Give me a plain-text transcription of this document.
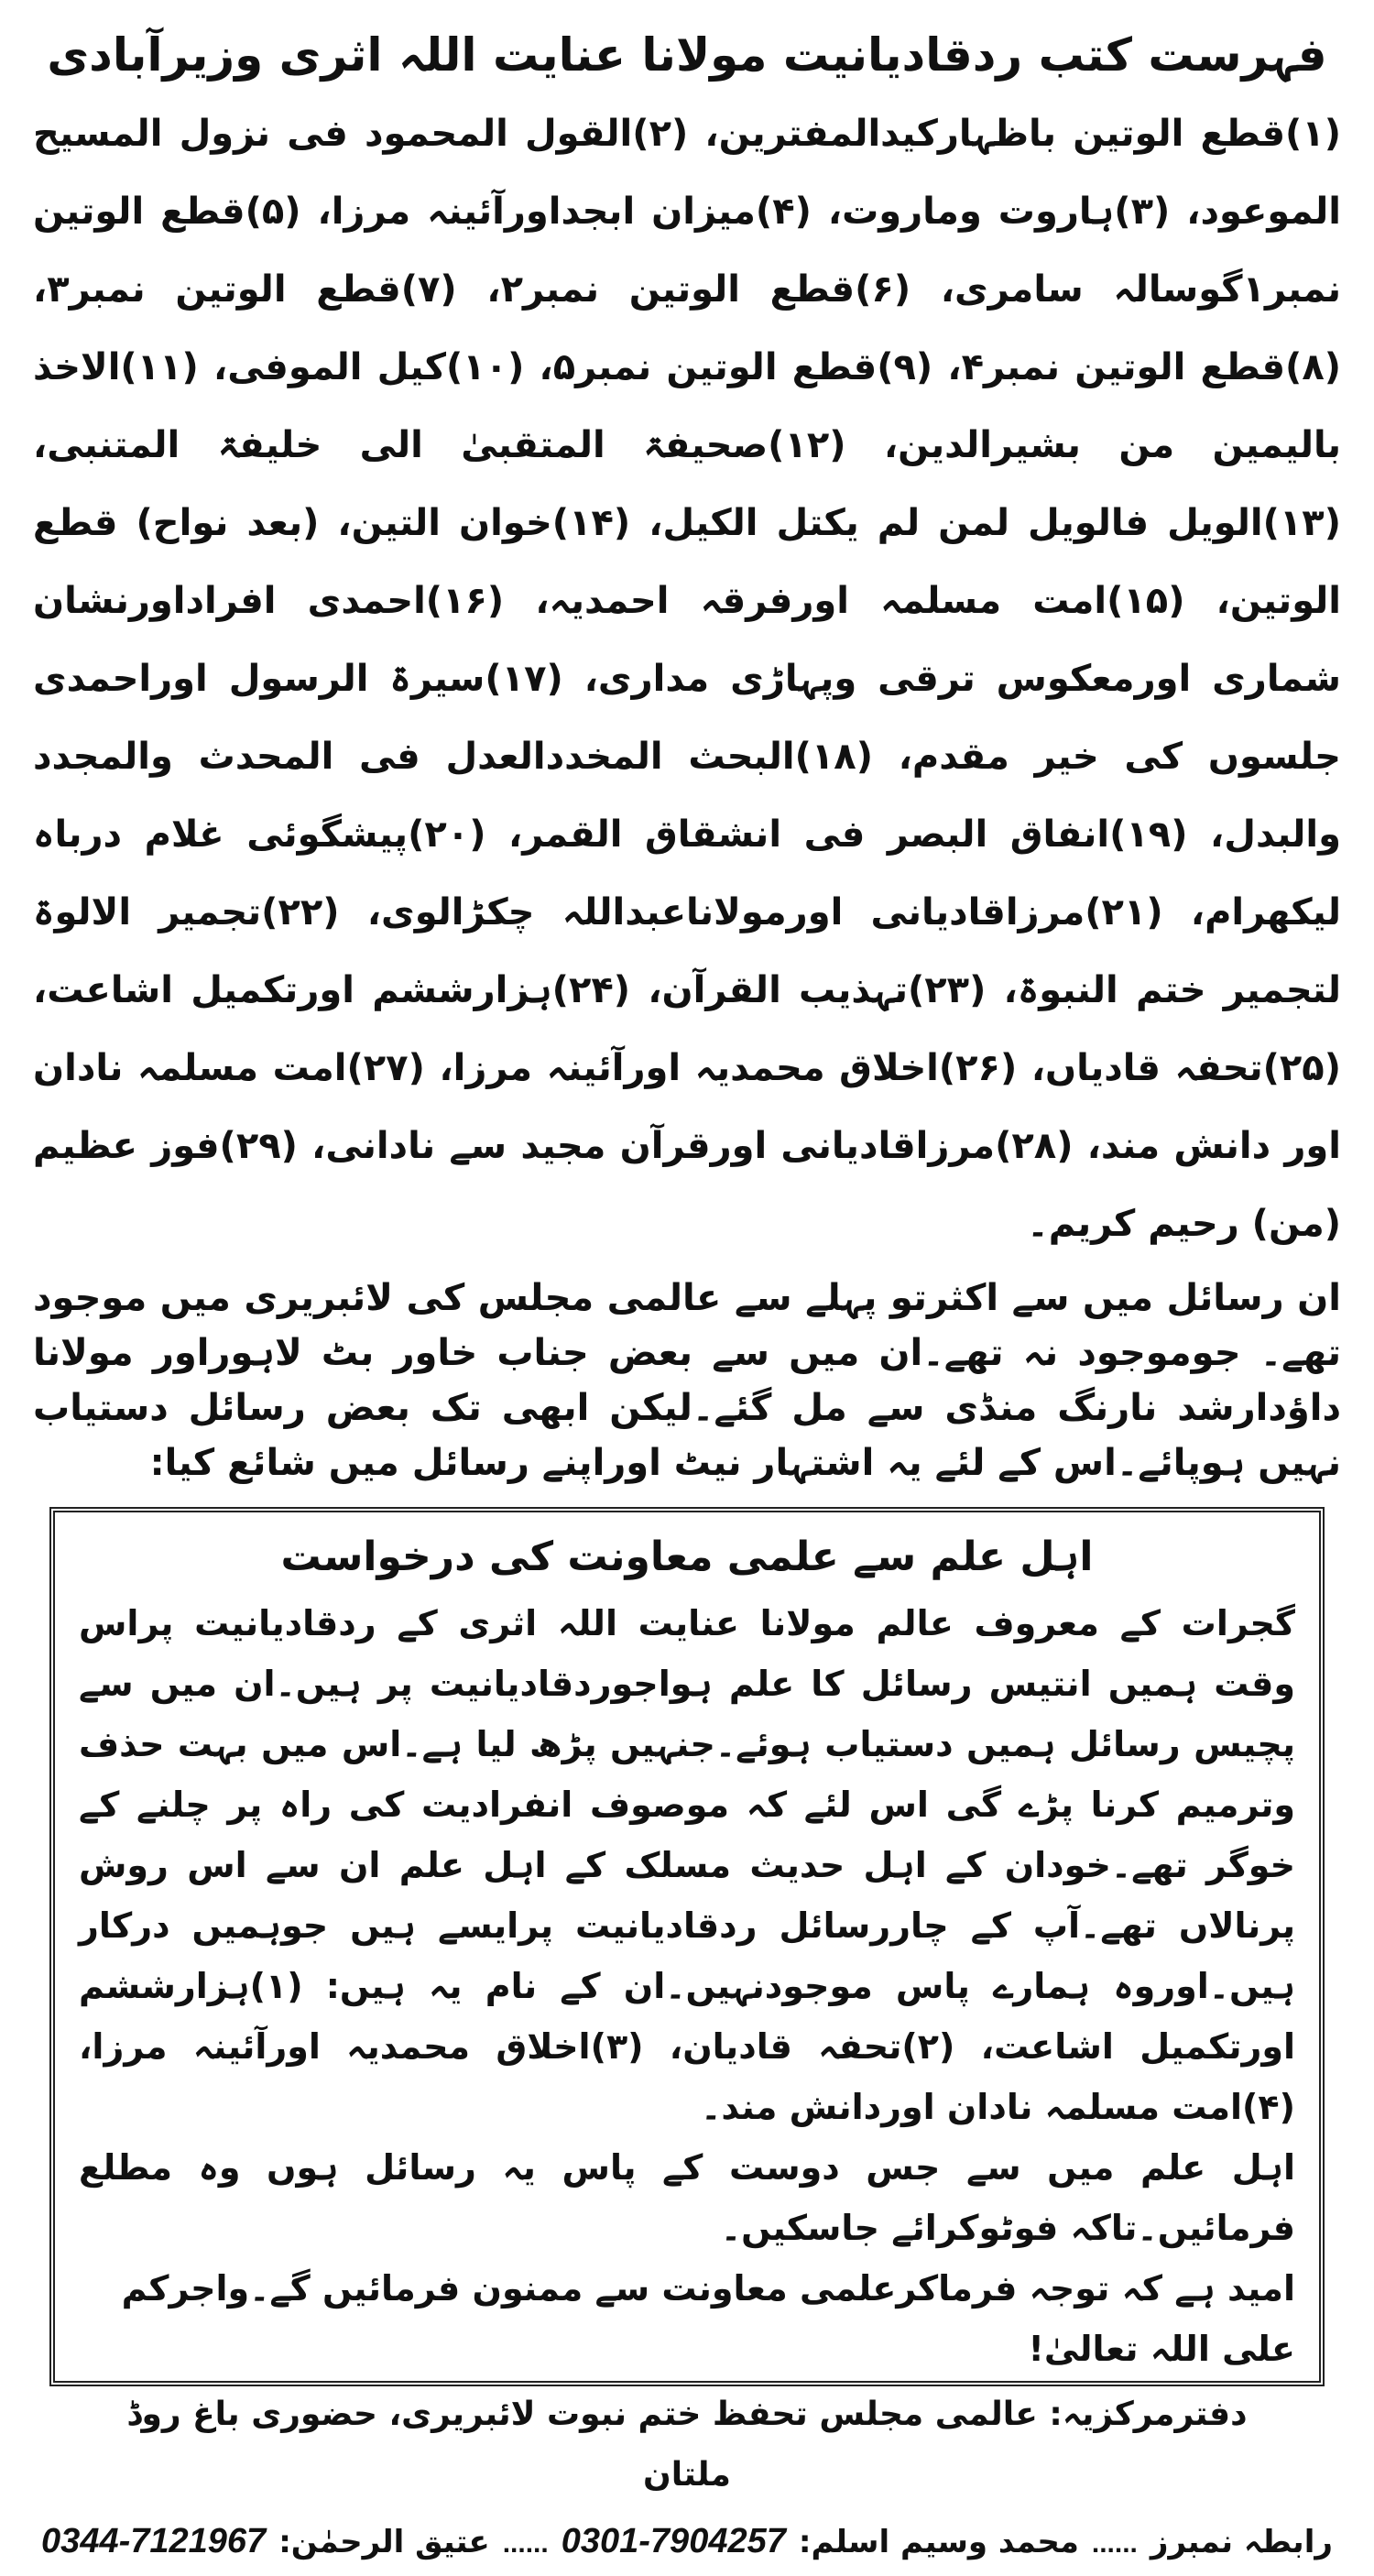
فہرست کتب ردقادیانیت مولانا عنایت اللہ اثری وزیرآبادی

(۱)قطع الوتین باظہارکیدالمفترین، (۲)القول المحمود فی نزول المسیح الموعود، (۳)ہاروت وماروت، (۴)میزان ابجداورآئینہ مرزا، (۵)قطع الوتین نمبر۱گوسالہ سامری، (۶)قطع الوتین نمبر۲، (۷)قطع الوتین نمبر۳، (۸)قطع الوتین نمبر۴، (۹)قطع الوتین نمبر۵، (۱۰)کیل الموفی، (۱۱)الاخذ بالیمین من بشیرالدین، (۱۲)صحیفۃ المتقبیٰ الی خلیفۃ المتنبی، (۱۳)الویل فالویل لمن لم یکتل الکیل، (۱۴)خوان التین، (بعد نواح) قطع الوتین، (۱۵)امت مسلمہ اورفرقہ احمدیہ، (۱۶)احمدی افراداورنشان شماری اورمعکوس ترقی وپہاڑی مداری، (۱۷)سیرۃ الرسول اوراحمدی جلسوں کی خیر مقدم، (۱۸)البحث المخددالعدل فی المحدث والمجدد والبدل، (۱۹)انفاق البصر فی انشقاق القمر، (۲۰)پیشگوئی غلام درباہ لیکھرام، (۲۱)مرزاقادیانی اورمولاناعبداللہ چکڑالوی، (۲۲)تجمیر الالوۃ لتجمیر ختم النبوۃ، (۲۳)تہذیب القرآن، (۲۴)ہزارششم اورتکمیل اشاعت، (۲۵)تحفہ قادیاں، (۲۶)اخلاق محمدیہ اورآئینہ مرزا، (۲۷)امت مسلمہ نادان اور دانش مند، (۲۸)مرزاقادیانی اورقرآن مجید سے نادانی، (۲۹)فوز عظیم (من) رحیم کریم۔

ان رسائل میں سے اکثرتو پہلے سے عالمی مجلس کی لائبریری میں موجود تھے۔ جوموجود نہ تھے۔ان میں سے بعض جناب خاور بٹ لاہوراور مولانا داؤدارشد نارنگ منڈی سے مل گئے۔لیکن ابھی تک بعض رسائل دستیاب نہیں ہوپائے۔اس کے لئے یہ اشتہار نیٹ اوراپنے رسائل میں شائع کیا:

اہل علم سے علمی معاونت کی درخواست

گجرات کے معروف عالم مولانا عنایت اللہ اثری کے ردقادیانیت پراس وقت ہمیں انتیس رسائل کا علم ہواجوردقادیانیت پر ہیں۔ان میں سے پچیس رسائل ہمیں دستیاب ہوئے۔جنہیں پڑھ لیا ہے۔اس میں بہت حذف وترمیم کرنا پڑے گی اس لئے کہ موصوف انفرادیت کی راہ پر چلنے کے خوگر تھے۔خودان کے اہل حدیث مسلک کے اہل علم ان سے اس روش پرنالاں تھے۔آپ کے چاررسائل ردقادیانیت پرایسے ہیں جوہمیں درکار ہیں۔اوروہ ہمارے پاس موجودنہیں۔ان کے نام یہ ہیں: (۱)ہزارششم اورتکمیل اشاعت، (۲)تحفہ قادیان، (۳)اخلاق محمدیہ اورآئینہ مرزا، (۴)امت مسلمہ نادان اوردانش مند۔

اہل علم میں سے جس دوست کے پاس یہ رسائل ہوں وہ مطلع فرمائیں۔تاکہ فوٹوکرائے جاسکیں۔

امید ہے کہ توجہ فرماکرعلمی معاونت سے ممنون فرمائیں گے۔واجرکم علی اللہ تعالیٰ!

دفترمرکزیہ: عالمی مجلس تحفظ ختم نبوت لائبریری، حضوری باغ روڈ ملتان

رابطہ نمبرز
......
محمد وسیم اسلم:
0301-7904257
......
عتیق الرحمٰن:
0344-7121967
